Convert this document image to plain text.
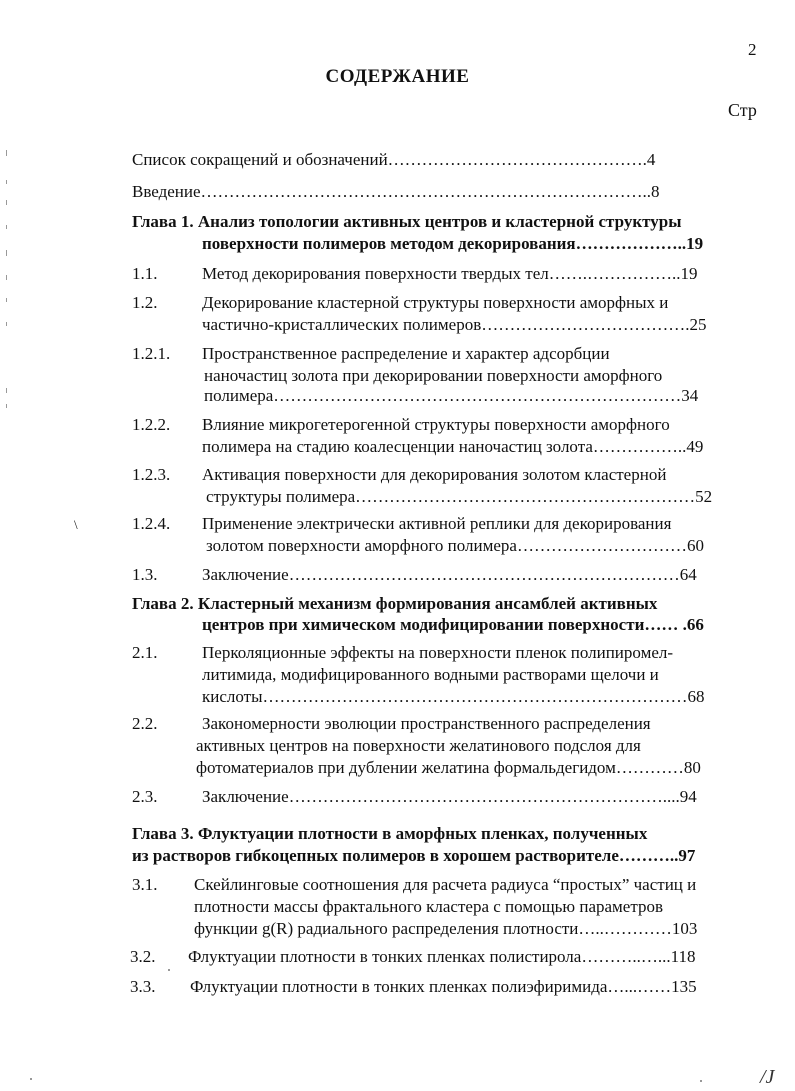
2
СОДЕРЖАНИЕ
Стр
Список сокращений и обозначений……………………………………….4
Введение……………………………………………………………………..8
Глава 1. Анализ топологии активных центров и кластерной структуры
поверхности полимеров методом декорирования………………..19
1.1.	Метод декорирования поверхности твердых тел…….……………..19
1.2.	Декорирование кластерной структуры поверхности аморфных и
частично-кристаллических полимеров……………………………….25
1.2.1. Пространственное распределение и характер адсорбции
наночастиц золота при декорировании поверхности аморфного
полимера………………………………………………………………34
1.2.2. Влияние микрогетерогенной структуры поверхности аморфного
полимера на стадию коалесценции наночастиц золота……………..49
1.2.3. Активация поверхности для декорирования золотом кластерной
структуры полимера……………………………………………………52
1.2.4. Применение электрически активной реплики для декорирования
золотом поверхности аморфного полимера…………………………60
1.3.	Заключение……………………………………………………………64
Глава 2. Кластерный механизм формирования ансамблей активных
центров при химическом модифицировании поверхности…… .66
2.1.	Перколяционные эффекты на поверхности пленок полипиромел-
литимида, модифицированного водными растворами щелочи и
кислоты…………………………………………………………………68
2.2.	Закономерности эволюции пространственного распределения
активных центров на поверхности желатинового подслоя для
фотоматериалов при дублении желатина формальдегидом…………80
2.3.	Заключение…………………………………………………………....94
Глава 3. Флуктуации плотности в аморфных пленках, полученных
из растворов гибкоцепных полимеров в хорошем растворителе………..97
3.1. Скейлинговые соотношения для расчета радиуса “простых” частиц и
плотности массы фрактального кластера с помощью параметров
функции g(R) радиального распределения плотности…..…………103
3.2. Флуктуации плотности в тонких пленках полистирола………..…...118
3.3. Флуктуации плотности в тонких пленках полиэфиримида…...……135
\
/J
